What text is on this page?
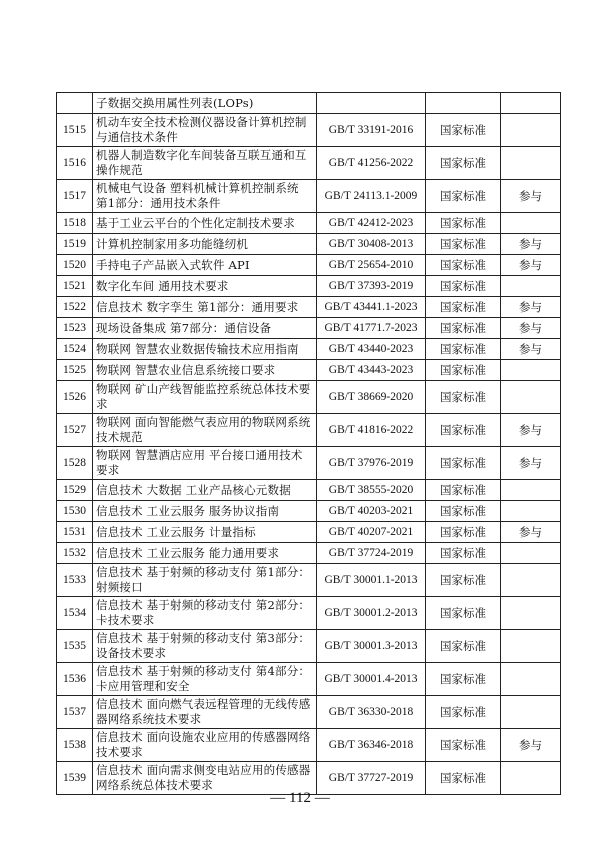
	子数据交换用属性列表(LOPs)			
1515	机动车安全技术检测仪器设备计算机控制与通信技术条件	GB/T 33191-2016	国家标准	
1516	机器人制造数字化车间装备互联互通和互操作规范	GB/T 41256-2022	国家标准	
1517	机械电气设备 塑料机械计算机控制系统 第1部分：通用技术条件	GB/T 24113.1-2009	国家标准	参与
1518	基于工业云平台的个性化定制技术要求	GB/T 42412-2023	国家标准	
1519	计算机控制家用多功能缝纫机	GB/T 30408-2013	国家标准	参与
1520	手持电子产品嵌入式软件 API	GB/T 25654-2010	国家标准	参与
1521	数字化车间 通用技术要求	GB/T 37393-2019	国家标准	
1522	信息技术 数字孪生 第1部分：通用要求	GB/T 43441.1-2023	国家标准	参与
1523	现场设备集成 第7部分：通信设备	GB/T 41771.7-2023	国家标准	参与
1524	物联网 智慧农业数据传输技术应用指南	GB/T 43440-2023	国家标准	参与
1525	物联网 智慧农业信息系统接口要求	GB/T 43443-2023	国家标准	
1526	物联网 矿山产线智能监控系统总体技术要求	GB/T 38669-2020	国家标准	
1527	物联网 面向智能燃气表应用的物联网系统技术规范	GB/T 41816-2022	国家标准	参与
1528	物联网 智慧酒店应用 平台接口通用技术要求	GB/T 37976-2019	国家标准	参与
1529	信息技术 大数据 工业产品核心元数据	GB/T 38555-2020	国家标准	
1530	信息技术 工业云服务 服务协议指南	GB/T 40203-2021	国家标准	
1531	信息技术 工业云服务 计量指标	GB/T 40207-2021	国家标准	参与
1532	信息技术 工业云服务 能力通用要求	GB/T 37724-2019	国家标准	
1533	信息技术 基于射频的移动支付 第1部分：射频接口	GB/T 30001.1-2013	国家标准	
1534	信息技术 基于射频的移动支付 第2部分：卡技术要求	GB/T 30001.2-2013	国家标准	
1535	信息技术 基于射频的移动支付 第3部分：设备技术要求	GB/T 30001.3-2013	国家标准	
1536	信息技术 基于射频的移动支付 第4部分：卡应用管理和安全	GB/T 30001.4-2013	国家标准	
1537	信息技术 面向燃气表远程管理的无线传感器网络系统技术要求	GB/T 36330-2018	国家标准	
1538	信息技术 面向设施农业应用的传感器网络技术要求	GB/T 36346-2018	国家标准	参与
1539	信息技术 面向需求侧变电站应用的传感器网络系统总体技术要求	GB/T 37727-2019	国家标准	
— 112 —
